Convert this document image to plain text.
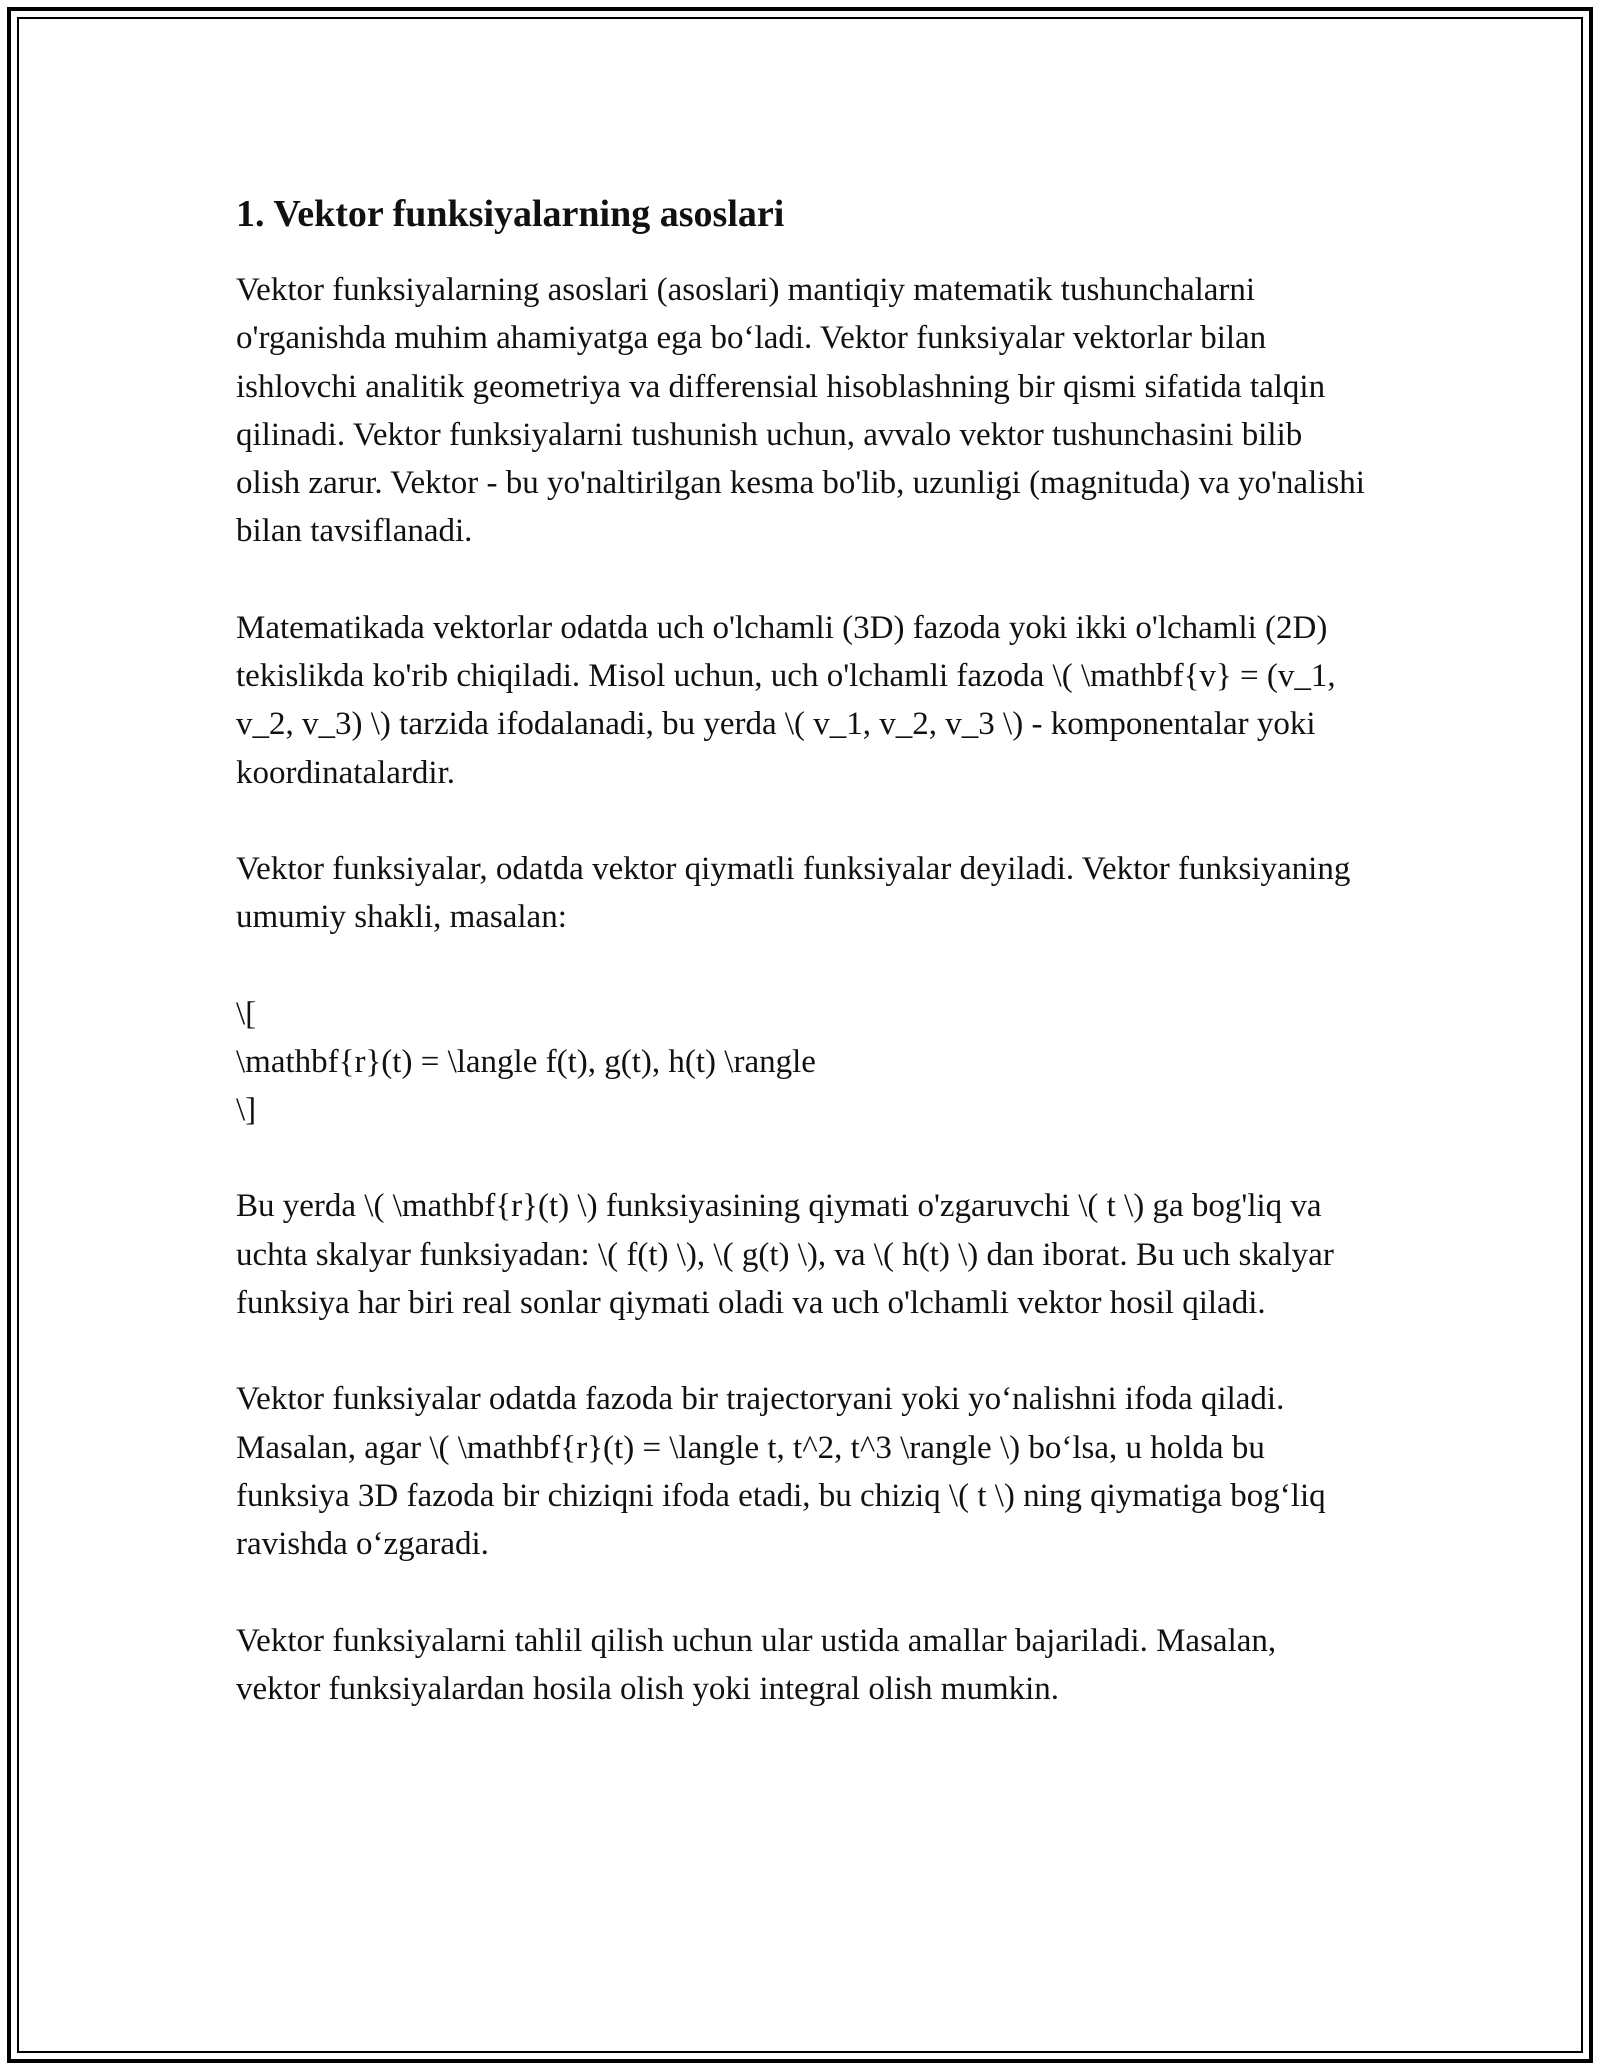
1. Vektor funksiyalarning asoslari

Vektor funksiyalarning asoslari (asoslari) mantiqiy matematik tushunchalarni o'rganishda muhim ahamiyatga ega bo‘ladi. Vektor funksiyalar vektorlar bilan ishlovchi analitik geometriya va differensial hisoblashning bir qismi sifatida talqin qilinadi. Vektor funksiyalarni tushunish uchun, avvalo vektor tushunchasini bilib olish zarur. Vektor - bu yo'naltirilgan kesma bo'lib, uzunligi (magnituda) va yo'nalishi bilan tavsiflanadi.

Matematikada vektorlar odatda uch o'lchamli (3D) fazoda yoki ikki o'lchamli (2D) tekislikda ko'rib chiqiladi. Misol uchun, uch o'lchamli fazoda \( \mathbf{v} = (v_1, v_2, v_3) \) tarzida ifodalanadi, bu yerda \( v_1, v_2, v_3 \) - komponentalar yoki koordinatalardir.

Vektor funksiyalar, odatda vektor qiymatli funksiyalar deyiladi. Vektor funksiyaning umumiy shakli, masalan:

\[
\mathbf{r}(t) = \langle f(t), g(t), h(t) \rangle
\]

Bu yerda \( \mathbf{r}(t) \) funksiyasining qiymati o'zgaruvchi \( t \) ga bog'liq va uchta skalyar funksiyadan: \( f(t) \), \( g(t) \), va \( h(t) \) dan iborat. Bu uch skalyar funksiya har biri real sonlar qiymati oladi va uch o'lchamli vektor hosil qiladi.

Vektor funksiyalar odatda fazoda bir trajectoryani yoki yo‘nalishni ifoda qiladi. Masalan, agar \( \mathbf{r}(t) = \langle t, t^2, t^3 \rangle \) bo‘lsa, u holda bu funksiya 3D fazoda bir chiziqni ifoda etadi, bu chiziq \( t \) ning qiymatiga bog‘liq ravishda o‘zgaradi.

Vektor funksiyalarni tahlil qilish uchun ular ustida amallar bajariladi. Masalan, vektor funksiyalardan hosila olish yoki integral olish mumkin.
